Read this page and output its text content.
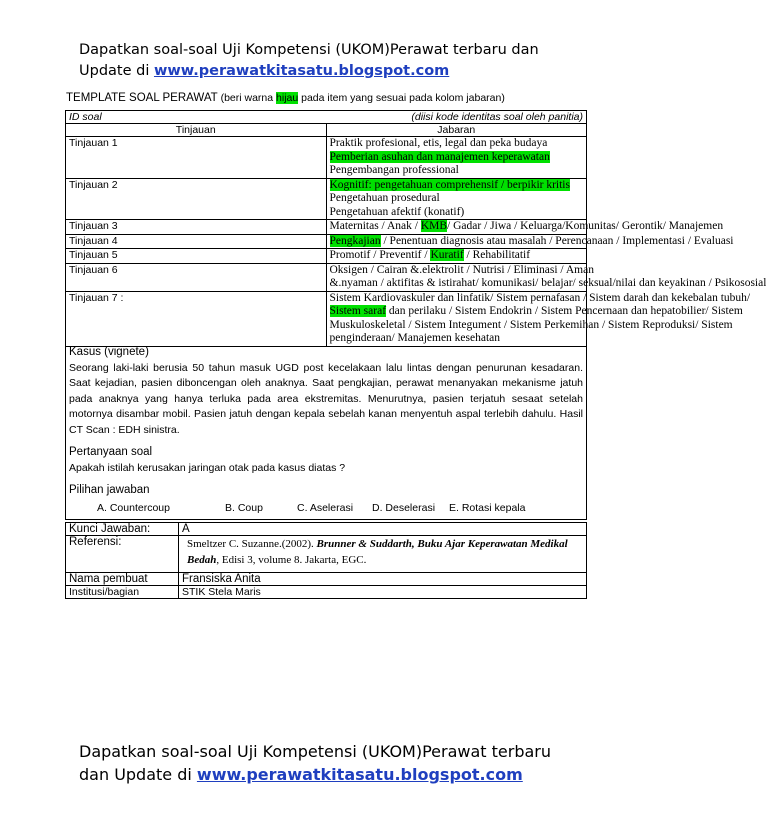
Dapatkan soal-soal Uji Kompetensi (UKOM)Perawat terbaru dan Update di www.perawatkitasatu.blogspot.com
TEMPLATE SOAL PERAWAT (beri warna hijau pada item yang sesuai pada kolom jabaran)
ID soal (diisi kode identitas soal oleh panitia)	

Tinjauan	Jabaran
Tinjauan 1	Praktik profesional, etis, legal dan peka budaya
Pemberian asuhan dan manajemen keperawatan
Pengembangan professional

Tinjauan 2	Kognitif: pengetahuan comprehensif / berpikir kritis
Pengetahuan prosedural
Pengetahuan afektif (konatif)

Tinjauan 3	Maternitas / Anak / KMB/ Gadar / Jiwa / Keluarga/Komunitas/ Gerontik/ Manajemen

Tinjauan 4	Pengkajian / Penentuan diagnosis atau masalah / Perencanaan / Implementasi / Evaluasi

Tinjauan 5	Promotif / Preventif / Kuratif / Rehabilitatif

Tinjauan 6	Oksigen / Cairan &.elektrolit / Nutrisi / Eliminasi / Aman
&.nyaman / aktifitas & istirahat/ komunikasi/ belajar/ seksual/nilai dan keyakinan / Psikososial

Tinjauan 7 :	Sistem Kardiovaskuler dan linfatik/ Sistem pernafasan / Sistem darah dan kekebalan tubuh/
Sistem saraf dan perilaku / Sistem Endokrin / Sistem Pencernaan dan hepatobilier/ Sistem
Muskuloskeletal / Sistem Integument / Sistem Perkemihan / Sistem Reproduksi/ Sistem
penginderaan/ Manajemen kesehatan
Kasus (vignete)
Seorang laki-laki berusia 50 tahun masuk UGD post kecelakaan lalu lintas dengan penurunan kesadaran. Saat kejadian, pasien diboncengan oleh anaknya. Saat pengkajian, perawat menanyakan mekanisme jatuh pada anaknya yang hanya terluka pada area ekstremitas. Menurutnya, pasien terjatuh sesaat setelah motornya disambar mobil. Pasien jatuh dengan kepala sebelah kanan menyentuh aspal terlebih dahulu. Hasil CT Scan : EDH sinistra.
Pertanyaan soal
Apakah istilah kerusakan jaringan otak pada kasus diatas ?
Pilihan jawaban
A. Countercoup	B. Coup	C. Aselerasi	D. Deselerasi	E. Rotasi kepala
Kunci Jawaban:	A
Referensi:	Smeltzer C. Suzanne.(2002). Brunner & Suddarth, Buku Ajar Keperawatan Medikal Bedah, Edisi 3, volume 8. Jakarta, EGC.

Nama pembuat	Fransiska Anita
Institusi/bagian	STIK Stela Maris
Dapatkan soal-soal Uji Kompetensi (UKOM)Perawat terbaru dan Update di www.perawatkitasatu.blogspot.com
